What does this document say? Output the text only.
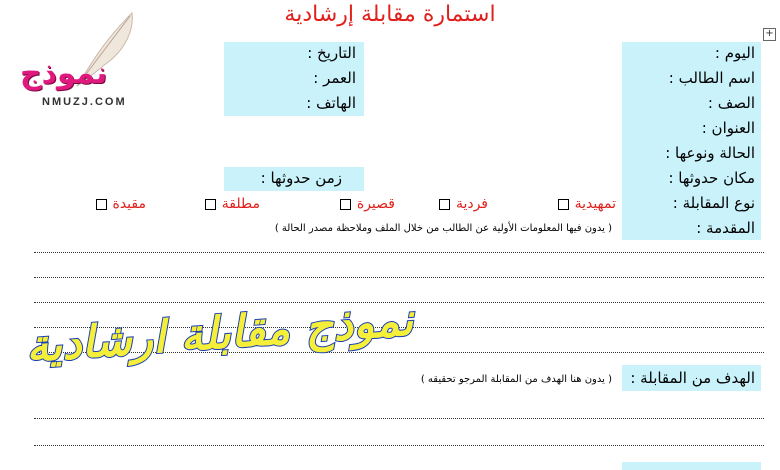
استمارة مقابلة إرشادية
+
نموذج
NMUZJ.COM
اليوم :
اسم الطالب :
الصف :
العنوان :
الحالة ونوعها :
مكان حدوثها :
نوع المقابلة :
المقدمة :
التاريخ :
العمر :
الهاتف :
زمن حدوثها :
تمهيدية
فردية
قصيرة
مطلقة
مقيدة
( يدون فيها المعلومات الأولية عن الطالب من خلال الملف وملاحظة مصدر الحالة )
نموذج مقابلة ارشادية
الهدف من المقابلة :
( يدون هنا الهدف من المقابلة المرجو تحقيقه )
